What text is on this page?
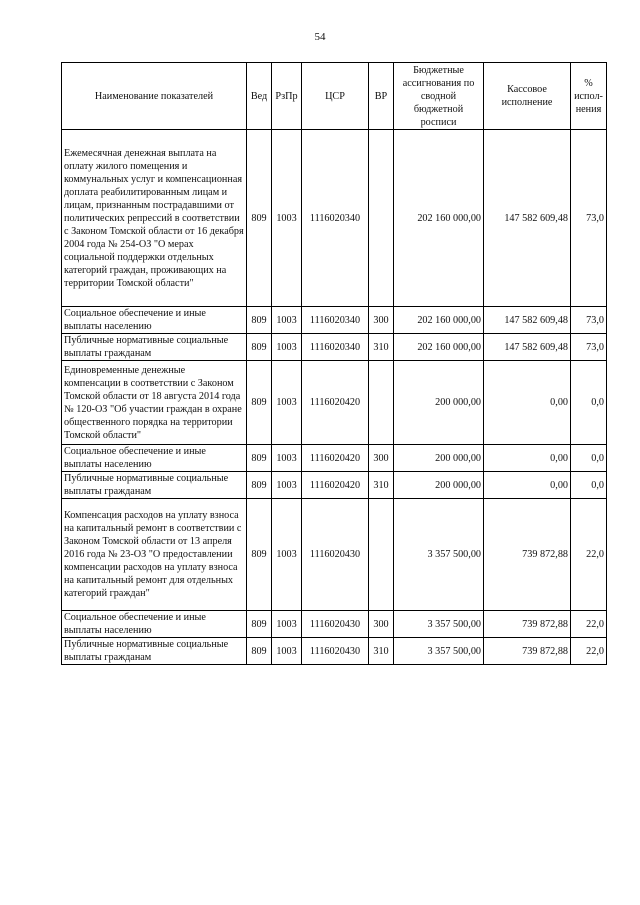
54
Наименование показателей	Вед	РзПр	ЦСР	ВР	Бюджетные ассигнования по сводной бюджетной росписи	Кассовое исполнение	% испол-нения
Ежемесячная денежная выплата на оплату жилого помещения и коммунальных услуг и компенсационная доплата реабилитированным лицам и лицам, признанным пострадавшими от политических репрессий в соответствии с Законом Томской области от 16 декабря 2004 года № 254-ОЗ "О мерах социальной поддержки отдельных категорий граждан, проживающих на территории Томской области"	809	1003	1116020340		202 160 000,00	147 582 609,48	73,0
Социальное обеспечение и иные выплаты населению	809	1003	1116020340	300	202 160 000,00	147 582 609,48	73,0
Публичные нормативные социальные выплаты гражданам	809	1003	1116020340	310	202 160 000,00	147 582 609,48	73,0
Единовременные денежные компенсации в соответствии с Законом Томской области от 18 августа 2014 года № 120-ОЗ "Об участии граждан в охране общественного порядка на территории Томской области"	809	1003	1116020420		200 000,00	0,00	0,0
Социальное обеспечение и иные выплаты населению	809	1003	1116020420	300	200 000,00	0,00	0,0
Публичные нормативные социальные выплаты гражданам	809	1003	1116020420	310	200 000,00	0,00	0,0
Компенсация расходов на уплату взноса на капитальный ремонт в соответствии с Законом Томской области от 13 апреля 2016 года № 23-ОЗ "О предоставлении компенсации расходов на уплату взноса на капитальный ремонт для отдельных категорий граждан"	809	1003	1116020430		3 357 500,00	739 872,88	22,0
Социальное обеспечение и иные выплаты населению	809	1003	1116020430	300	3 357 500,00	739 872,88	22,0
Публичные нормативные социальные выплаты гражданам	809	1003	1116020430	310	3 357 500,00	739 872,88	22,0
